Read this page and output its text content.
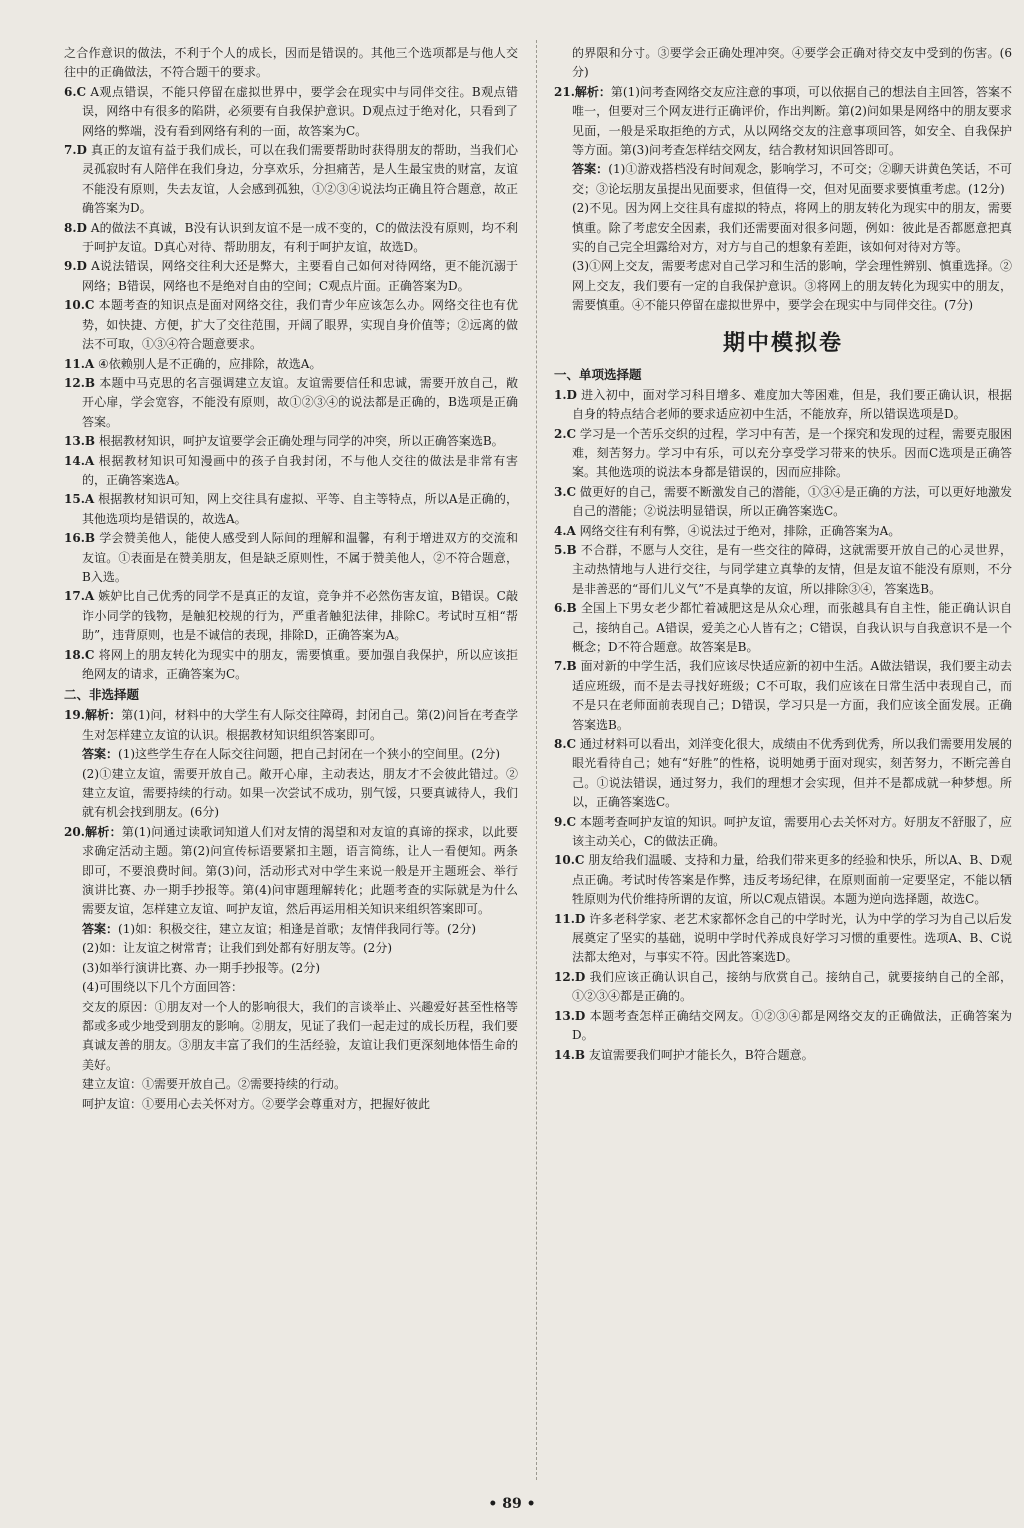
之合作意识的做法，不利于个人的成长，因而是错误的。其他三个选项都是与他人交往中的正确做法，不符合题干的要求。

6.C A观点错误，不能只停留在虚拟世界中，要学会在现实中与同伴交往。B观点错误，网络中有很多的陷阱，必须要有自我保护意识。D观点过于绝对化，只看到了网络的弊端，没有看到网络有利的一面，故答案为C。

7.D 真正的友谊有益于我们成长，可以在我们需要帮助时获得朋友的帮助，当我们心灵孤寂时有人陪伴在我们身边，分享欢乐，分担痛苦，是人生最宝贵的财富，友谊不能没有原则，失去友谊，人会感到孤独，①②③④说法均正确且符合题意，故正确答案为D。

8.D A的做法不真诚，B没有认识到友谊不是一成不变的，C的做法没有原则，均不利于呵护友谊。D真心对待、帮助朋友，有利于呵护友谊，故选D。

9.D A说法错误，网络交往利大还是弊大，主要看自己如何对待网络，更不能沉溺于网络；B错误，网络也不是绝对自由的空间；C观点片面。正确答案为D。

10.C 本题考查的知识点是面对网络交往，我们青少年应该怎么办。网络交往也有优势，如快捷、方便，扩大了交往范围，开阔了眼界，实现自身价值等；②远离的做法不可取，①③④符合题意要求。

11.A ④依赖别人是不正确的，应排除，故选A。

12.B 本题中马克思的名言强调建立友谊。友谊需要信任和忠诚，需要开放自己，敞开心扉，学会宽容，不能没有原则，故①②③④的说法都是正确的，B选项是正确答案。

13.B 根据教材知识，呵护友谊要学会正确处理与同学的冲突，所以正确答案选B。

14.A 根据教材知识可知漫画中的孩子自我封闭，不与他人交往的做法是非常有害的，正确答案选A。

15.A 根据教材知识可知，网上交往具有虚拟、平等、自主等特点，所以A是正确的，其他选项均是错误的，故选A。

16.B 学会赞美他人，能使人感受到人际间的理解和温馨，有利于增进双方的交流和友谊。①表面是在赞美朋友，但是缺乏原则性，不属于赞美他人，②不符合题意，B入选。

17.A 嫉妒比自己优秀的同学不是真正的友谊，竞争并不必然伤害友谊，B错误。C敲诈小同学的钱物，是触犯校规的行为，严重者触犯法律，排除C。考试时互相“帮助”，违背原则，也是不诚信的表现，排除D，正确答案为A。

18.C 将网上的朋友转化为现实中的朋友，需要慎重。要加强自我保护，所以应该拒绝网友的请求，正确答案为C。

二、非选择题

19.解析：第(1)问，材料中的大学生有人际交往障碍，封闭自己。第(2)问旨在考查学生对怎样建立友谊的认识。根据教材知识组织答案即可。

答案：(1)这些学生存在人际交往问题，把自己封闭在一个狭小的空间里。(2分)

(2)①建立友谊，需要开放自己。敞开心扉，主动表达，朋友才不会彼此错过。②建立友谊，需要持续的行动。如果一次尝试不成功，别气馁，只要真诚待人，我们就有机会找到朋友。(6分)

20.解析：第(1)问通过读歌词知道人们对友情的渴望和对友谊的真谛的探求，以此要求确定活动主题。第(2)问宣传标语要紧扣主题，语言简练，让人一看便知。两条即可，不要浪费时间。第(3)问，活动形式对中学生来说一般是开主题班会、举行演讲比赛、办一期手抄报等。第(4)问审题理解转化；此题考查的实际就是为什么需要友谊，怎样建立友谊、呵护友谊，然后再运用相关知识来组织答案即可。

答案：(1)如：积极交往，建立友谊；相逢是首歌；友情伴我同行等。(2分)

(2)如：让友谊之树常青；让我们到处都有好朋友等。(2分)

(3)如举行演讲比赛、办一期手抄报等。(2分)

(4)可围绕以下几个方面回答：

交友的原因：①朋友对一个人的影响很大，我们的言谈举止、兴趣爱好甚至性格等都或多或少地受到朋友的影响。②朋友，见证了我们一起走过的成长历程，我们要真诚友善的朋友。③朋友丰富了我们的生活经验，友谊让我们更深刻地体悟生命的美好。

建立友谊：①需要开放自己。②需要持续的行动。

呵护友谊：①要用心去关怀对方。②要学会尊重对方，把握好彼此

的界限和分寸。③要学会正确处理冲突。④要学会正确对待交友中受到的伤害。(6分)

21.解析：第(1)问考查网络交友应注意的事项，可以依据自己的想法自主回答，答案不唯一，但要对三个网友进行正确评价，作出判断。第(2)问如果是网络中的朋友要求见面，一般是采取拒绝的方式，从以网络交友的注意事项回答，如安全、自我保护等方面。第(3)问考查怎样结交网友，结合教材知识回答即可。

答案：(1)①游戏搭档没有时间观念，影响学习，不可交；②聊天讲黄色笑话，不可交；③论坛朋友虽提出见面要求，但值得一交，但对见面要求要慎重考虑。(12分)

(2)不见。因为网上交往具有虚拟的特点，将网上的朋友转化为现实中的朋友，需要慎重。除了考虑安全因素，我们还需要面对很多问题，例如：彼此是否都愿意把真实的自己完全坦露给对方，对方与自己的想象有差距，该如何对待对方等。

(3)①网上交友，需要考虑对自己学习和生活的影响，学会理性辨别、慎重选择。②网上交友，我们要有一定的自我保护意识。③将网上的朋友转化为现实中的朋友，需要慎重。④不能只停留在虚拟世界中，要学会在现实中与同伴交往。(7分)

期中模拟卷

一、单项选择题

1.D 进入初中，面对学习科目增多、难度加大等困难，但是，我们要正确认识，根据自身的特点结合老师的要求适应初中生活，不能放弃，所以错误选项是D。

2.C 学习是一个苦乐交织的过程，学习中有苦，是一个探究和发现的过程，需要克服困难，刻苦努力。学习中有乐，可以充分享受学习带来的快乐。因而C选项是正确答案。其他选项的说法本身都是错误的，因而应排除。

3.C 做更好的自己，需要不断激发自己的潜能，①③④是正确的方法，可以更好地激发自己的潜能；②说法明显错误，所以正确答案选C。

4.A 网络交往有利有弊，④说法过于绝对，排除，正确答案为A。

5.B 不合群，不愿与人交往，是有一些交往的障碍，这就需要开放自己的心灵世界，主动热情地与人进行交往，与同学建立真挚的友情，但是友谊不能没有原则，不分是非善恶的“哥们儿义气”不是真挚的友谊，所以排除③④，答案选B。

6.B 全国上下男女老少都忙着减肥这是从众心理，而张越具有自主性，能正确认识自己，接纳自己。A错误，爱美之心人皆有之；C错误，自我认识与自我意识不是一个概念；D不符合题意。故答案是B。

7.B 面对新的中学生活，我们应该尽快适应新的初中生活。A做法错误，我们要主动去适应班级，而不是去寻找好班级；C不可取，我们应该在日常生活中表现自己，而不是只在老师面前表现自己；D错误，学习只是一方面，我们应该全面发展。正确答案选B。

8.C 通过材料可以看出，刘洋变化很大，成绩由不优秀到优秀，所以我们需要用发展的眼光看待自己；她有“好胜”的性格，说明她勇于面对现实，刻苦努力，不断完善自己。①说法错误，通过努力，我们的理想才会实现，但并不是都成就一种梦想。所以，正确答案选C。

9.C 本题考查呵护友谊的知识。呵护友谊，需要用心去关怀对方。好朋友不舒服了，应该主动关心，C的做法正确。

10.C 朋友给我们温暖、支持和力量，给我们带来更多的经验和快乐，所以A、B、D观点正确。考试时传答案是作弊，违反考场纪律，在原则面前一定要坚定，不能以牺牲原则为代价维持所谓的友谊，所以C观点错误。本题为逆向选择题，故选C。

11.D 许多老科学家、老艺术家都怀念自己的中学时光，认为中学的学习为自己以后发展奠定了坚实的基础，说明中学时代养成良好学习习惯的重要性。选项A、B、C说法都太绝对，与事实不符。因此答案选D。

12.D 我们应该正确认识自己，接纳与欣赏自己。接纳自己，就要接纳自己的全部，①②③④都是正确的。

13.D 本题考查怎样正确结交网友。①②③④都是网络交友的正确做法，正确答案为D。

14.B 友谊需要我们呵护才能长久，B符合题意。

• 89 •
